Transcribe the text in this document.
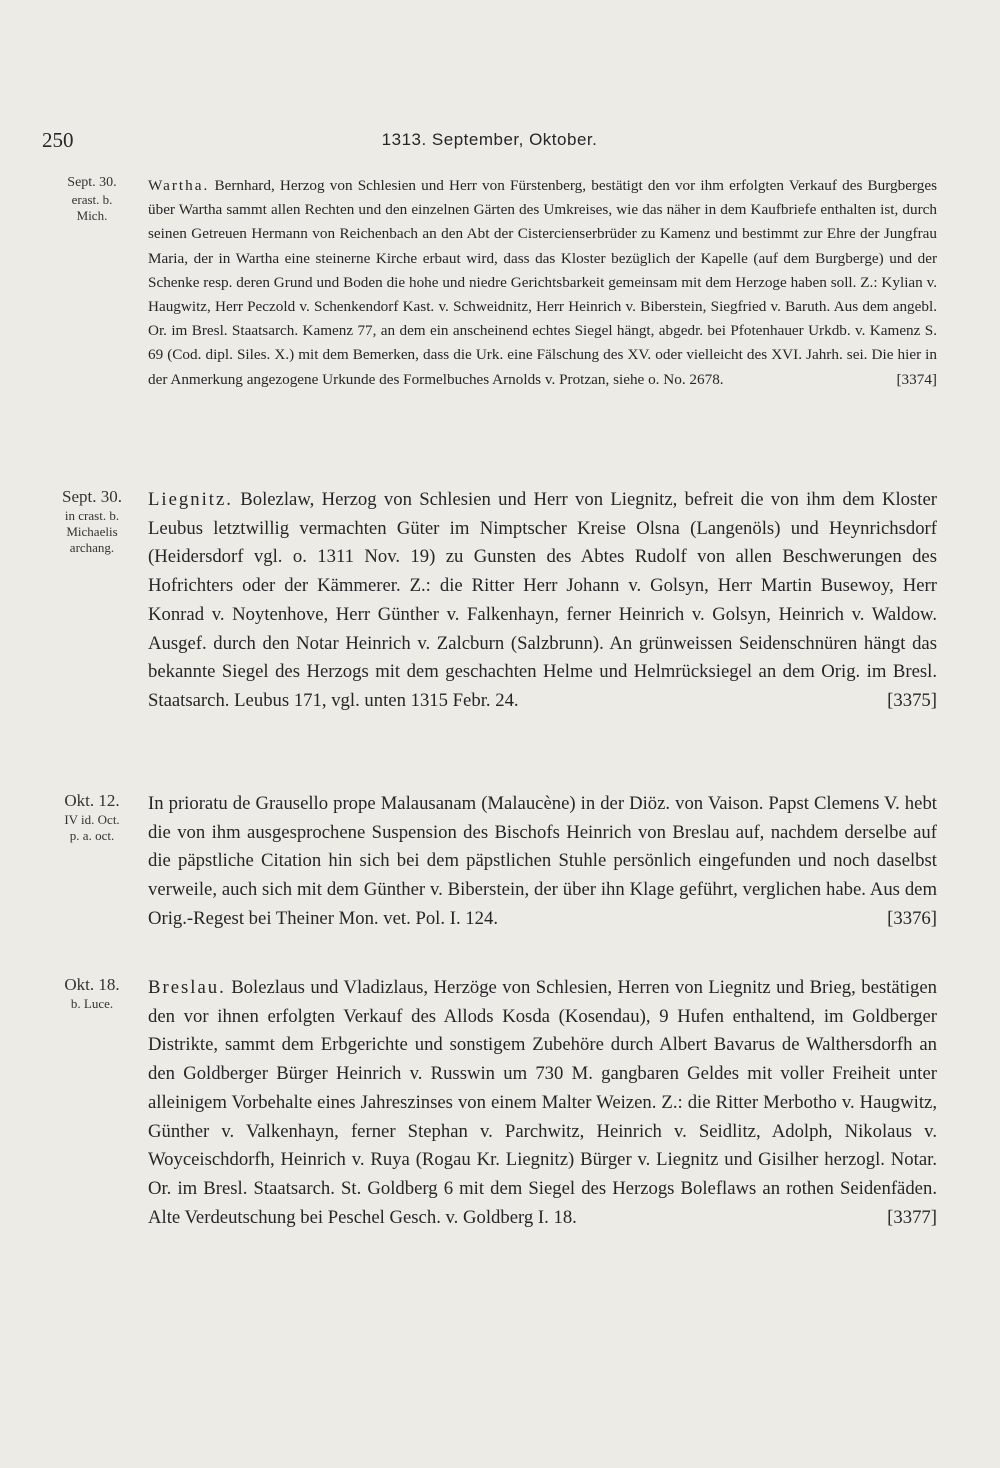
250	1313. September, Oktober.
Sept. 30.
erast. b.
Mich.

Wartha. Bernhard, Herzog von Schlesien und Herr von Fürstenberg, bestätigt den vor ihm erfolgten Verkauf des Burgberges über Wartha sammt allen Rechten und den einzelnen Gärten des Umkreises, wie das näher in dem Kaufbriefe enthalten ist, durch seinen Getreuen Hermann von Reichenbach an den Abt der Cistercienserbrüder zu Kamenz und bestimmt zur Ehre der Jungfrau Maria, der in Wartha eine steinerne Kirche erbaut wird, dass das Kloster bezüglich der Kapelle (auf dem Burgberge) und der Schenke resp. deren Grund und Boden die hohe und niedre Gerichtsbarkeit gemeinsam mit dem Herzoge haben soll. Z.: Kylian v. Haugwitz, Herr Peczold v. Schenkendorf Kast. v. Schweidnitz, Herr Heinrich v. Biberstein, Siegfried v. Baruth. Aus dem angebl. Or. im Bresl. Staatsarch. Kamenz 77, an dem ein anscheinend echtes Siegel hängt, abgedr. bei Pfotenhauer Urkdb. v. Kamenz S. 69 (Cod. dipl. Siles. X.) mit dem Bemerken, dass die Urk. eine Fälschung des XV. oder vielleicht des XVI. Jahrh. sei. Die hier in der Anmerkung angezogene Urkunde des Formelbuches Arnolds v. Protzan, siehe o. No. 2678.	[3374]

Sept. 30.
in crast. b.
Michaelis
archang.

Liegnitz. Bolezlaw, Herzog von Schlesien und Herr von Liegnitz, befreit die von ihm dem Kloster Leubus letztwillig vermachten Güter im Nimptscher Kreise Olsna (Langenöls) und Heynrichsdorf (Heidersdorf vgl. o. 1311 Nov. 19) zu Gunsten des Abtes Rudolf von allen Beschwerungen des Hofrichters oder der Kämmerer. Z.: die Ritter Herr Johann v. Golsyn, Herr Martin Busewoy, Herr Konrad v. Noytenhove, Herr Günther v. Falkenhayn, ferner Heinrich v. Golsyn, Heinrich v. Waldow. Ausgef. durch den Notar Heinrich v. Zalcburn (Salzbrunn). An grünweissen Seidenschnüren hängt das bekannte Siegel des Herzogs mit dem geschachten Helme und Helmrücksiegel an dem Orig. im Bresl. Staatsarch. Leubus 171, vgl. unten 1315 Febr. 24.	[3375]

Okt. 12.
IV id. Oct.
p. a. oct.

In prioratu de Grausello prope Malausanam (Malaucène) in der Diöz. von Vaison. Papst Clemens V. hebt die von ihm ausgesprochene Suspension des Bischofs Heinrich von Breslau auf, nachdem derselbe auf die päpstliche Citation hin sich bei dem päpstlichen Stuhle persönlich eingefunden und noch daselbst verweile, auch sich mit dem Günther v. Biberstein, der über ihn Klage geführt, verglichen habe. Aus dem Orig.-Regest bei Theiner Mon. vet. Pol. I. 124.	[3376]

Okt. 18.
b. Luce.

Breslau. Bolezlaus und Vladizlaus, Herzöge von Schlesien, Herren von Liegnitz und Brieg, bestätigen den vor ihnen erfolgten Verkauf des Allods Kosda (Kosendau), 9 Hufen enthaltend, im Goldberger Distrikte, sammt dem Erbgerichte und sonstigem Zubehöre durch Albert Bavarus de Walthersdorfh an den Goldberger Bürger Heinrich v. Russwin um 730 M. gangbaren Geldes mit voller Freiheit unter alleinigem Vorbehalte eines Jahreszinses von einem Malter Weizen. Z.: die Ritter Merbotho v. Haugwitz, Günther v. Valkenhayn, ferner Stephan v. Parchwitz, Heinrich v. Seidlitz, Adolph, Nikolaus v. Woyceischdorfh, Heinrich v. Ruya (Rogau Kr. Liegnitz) Bürger v. Liegnitz und Gisilher herzogl. Notar. Or. im Bresl. Staatsarch. St. Goldberg 6 mit dem Siegel des Herzogs Boleflaws an rothen Seidenfäden. Alte Verdeutschung bei Peschel Gesch. v. Goldberg I. 18.	[3377]
